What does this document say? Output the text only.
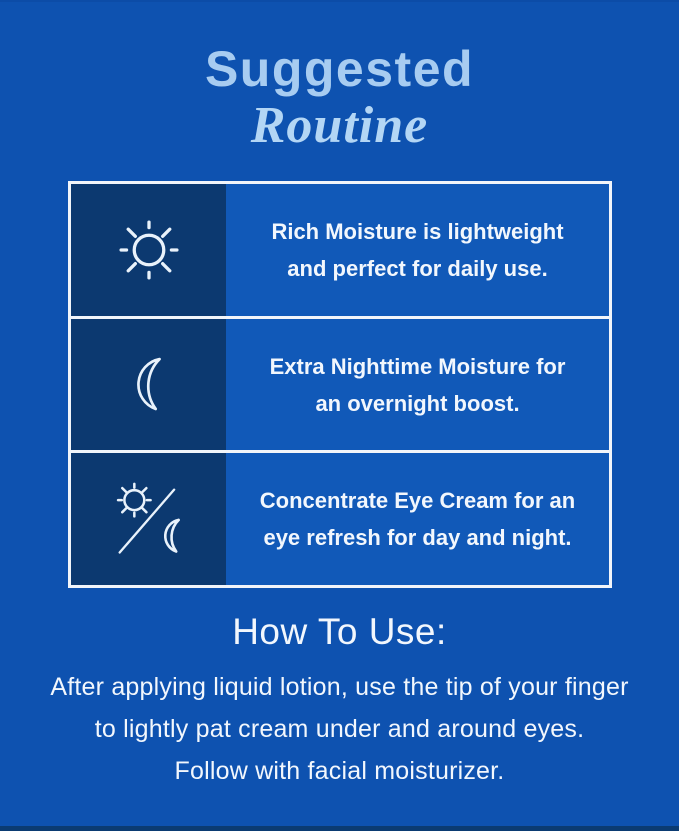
Suggested
Routine
Rich Moisture is lightweight
and perfect for daily use.
Extra Nighttime Moisture for
an overnight boost.
Concentrate Eye Cream for an
eye refresh for day and night.
How To Use:
After applying liquid lotion, use the tip of your finger
to lightly pat cream under and around eyes.
Follow with facial moisturizer.
